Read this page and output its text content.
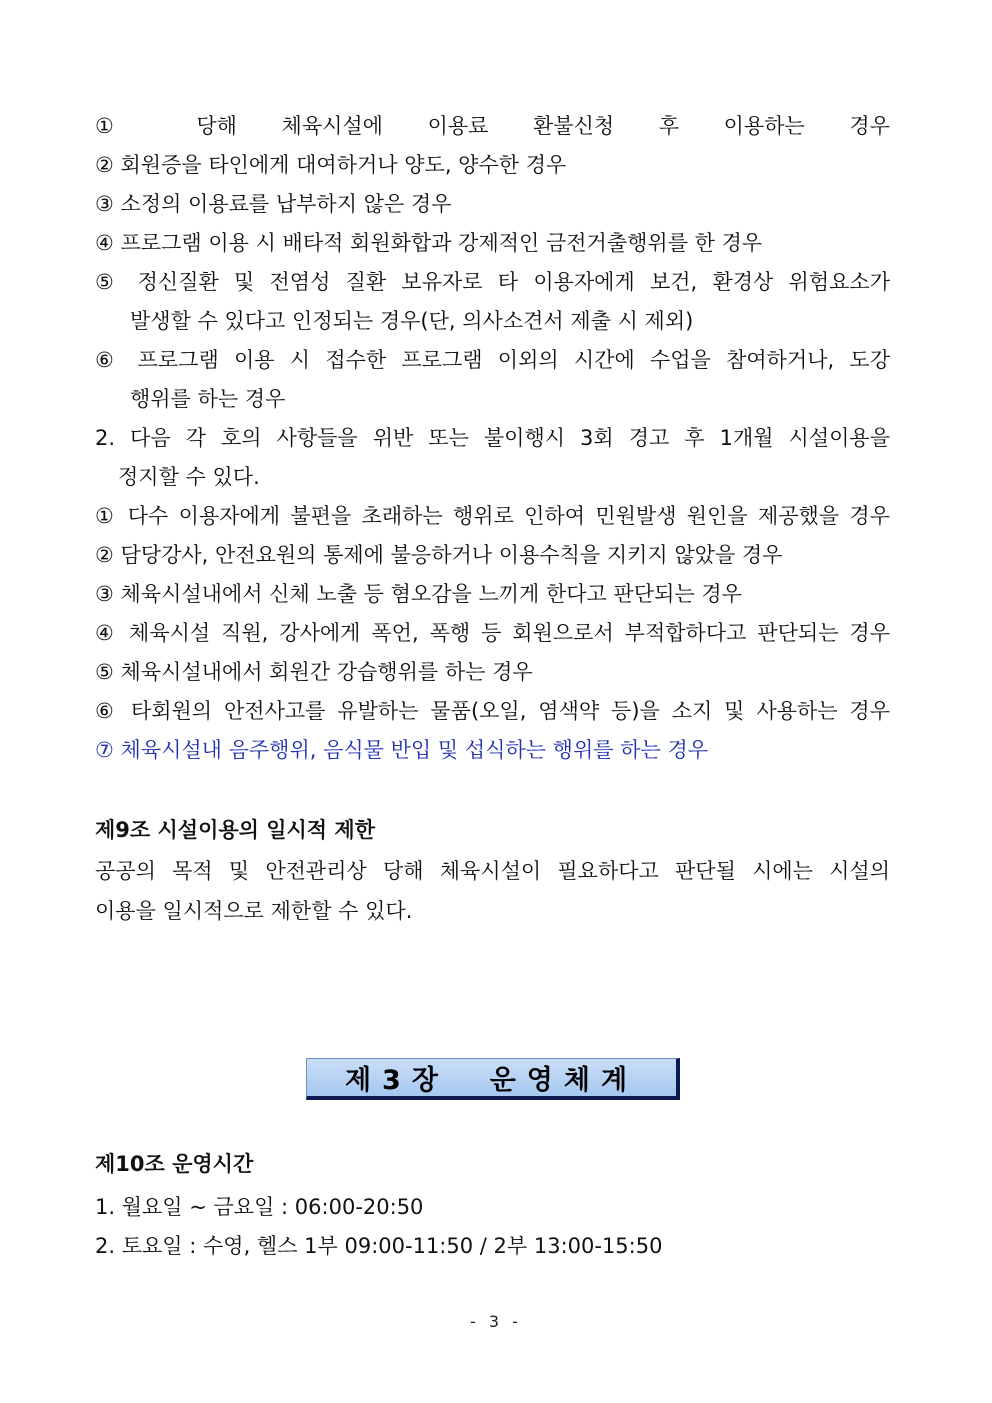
① 당해 체육시설에 이용료 환불신청 후 이용하는 경우
② 회원증을 타인에게 대여하거나 양도, 양수한 경우
③ 소정의 이용료를 납부하지 않은 경우
④ 프로그램 이용 시 배타적 회원화합과 강제적인 금전거출행위를 한 경우
⑤ 정신질환 및 전염성 질환 보유자로 타 이용자에게 보건, 환경상 위험요소가
발생할 수 있다고 인정되는 경우(단, 의사소견서 제출 시 제외)
⑥ 프로그램 이용 시 접수한 프로그램 이외의 시간에 수업을 참여하거나, 도강
행위를 하는 경우
2. 다음 각 호의 사항들을 위반 또는 불이행시 3회 경고 후 1개월 시설이용을
정지할 수 있다.
① 다수 이용자에게 불편을 초래하는 행위로 인하여 민원발생 원인을 제공했을 경우
② 담당강사, 안전요원의 통제에 불응하거나 이용수칙을 지키지 않았을 경우
③ 체육시설내에서 신체 노출 등 혐오감을 느끼게 한다고 판단되는 경우
④ 체육시설 직원, 강사에게 폭언, 폭행 등 회원으로서 부적합하다고 판단되는 경우
⑤ 체육시설내에서 회원간 강습행위를 하는 경우
⑥ 타회원의 안전사고를 유발하는 물품(오일, 염색약 등)을 소지 및 사용하는 경우
⑦ 체육시설내 음주행위, 음식물 반입 및 섭식하는 행위를 하는 경우
제9조 시설이용의 일시적 제한
공공의 목적 및 안전관리상 당해 체육시설이 필요하다고 판단될 시에는 시설의
이용을 일시적으로 제한할 수 있다.
제3장  운영체계
제10조 운영시간
1. 월요일 ~ 금요일 : 06:00-20:50
2. 토요일 : 수영, 헬스 1부 09:00-11:50 / 2부 13:00-15:50
- 3 -
